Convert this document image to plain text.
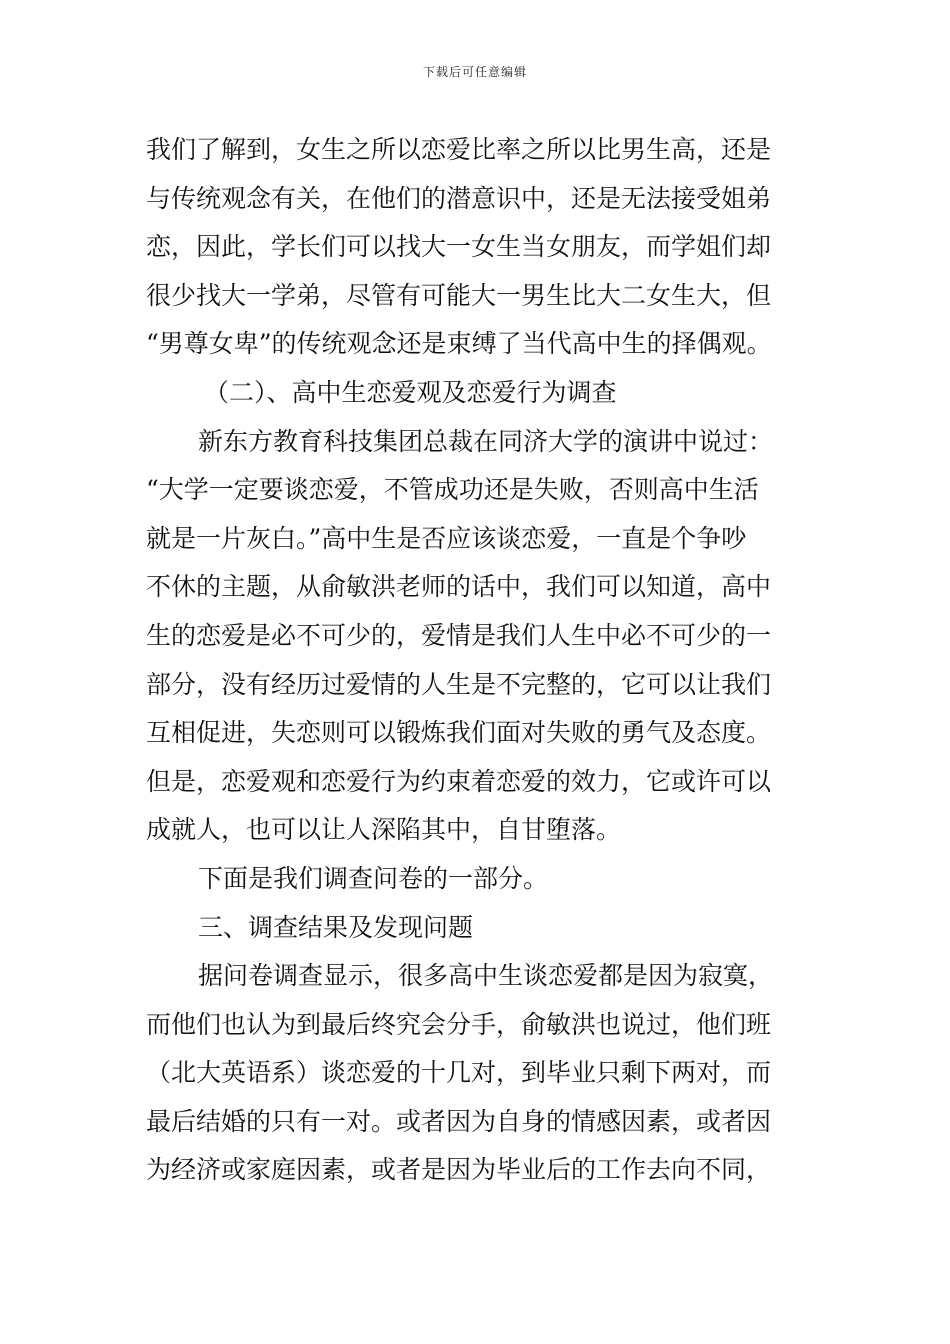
下载后可任意编辑
我们了解到，女生之所以恋爱比率之所以比男生高，还是
与传统观念有关，在他们的潜意识中，还是无法接受姐弟
恋，因此，学长们可以找大一女生当女朋友，而学姐们却
很少找大一学弟，尽管有可能大一男生比大二女生大，但
“男尊女卑”的传统观念还是束缚了当代高中生的择偶观。
（二）、高中生恋爱观及恋爱行为调查
新东方教育科技集团总裁在同济大学的演讲中说过：
“大学一定要谈恋爱，不管成功还是失败，否则高中生活
就是一片灰白。”高中生是否应该谈恋爱，一直是个争吵
不休的主题，从俞敏洪老师的话中，我们可以知道，高中
生的恋爱是必不可少的，爱情是我们人生中必不可少的一
部分，没有经历过爱情的人生是不完整的，它可以让我们
互相促进，失恋则可以锻炼我们面对失败的勇气及态度。
但是，恋爱观和恋爱行为约束着恋爱的效力，它或许可以
成就人，也可以让人深陷其中，自甘堕落。
下面是我们调查问卷的一部分。
三、调查结果及发现问题
据问卷调查显示，很多高中生谈恋爱都是因为寂寞，
而他们也认为到最后终究会分手，俞敏洪也说过，他们班
（北大英语系）谈恋爱的十几对，到毕业只剩下两对，而
最后结婚的只有一对。或者因为自身的情感因素，或者因
为经济或家庭因素，或者是因为毕业后的工作去向不同，
